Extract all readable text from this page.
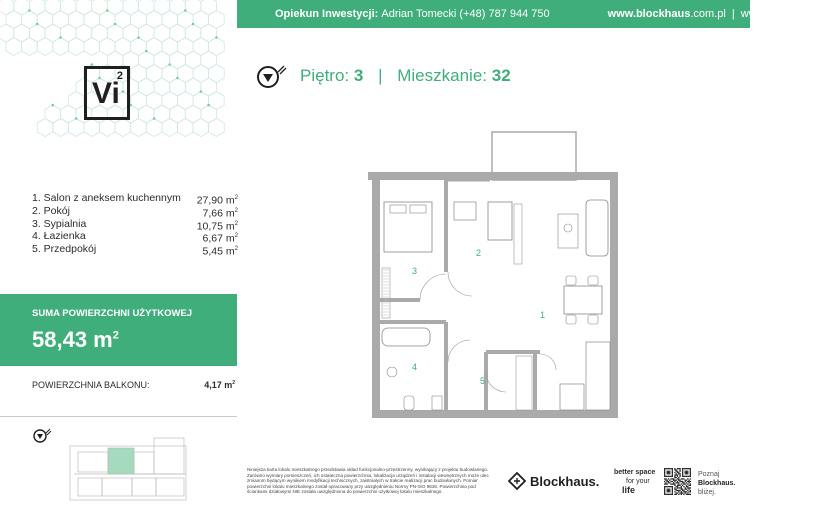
Opiekun Inwestycji:
Adrian Tomecki (+48) 787 944 750	www.blockhaus.com.pl | www.vi2.com.pl
Vi
2	Piętro: 3 | Mieszkanie: 32
1. Salon z aneksem kuchennym 27,90 $m^2$
2. Pokój	7,66 $m^2$
3. Sypialnia	10,75 $m^2$
4. Łazienka	6,67 $m^2$
5. Przedpokój	5,45 $m^2$
SUMA POWIERZCHNI UŻYTKOWEJ
58,43 $m^2$
POWIERZCHNIA BALKONU:	4,17 $m^2$
1
2
3
4
5
Niniejsza karta lokalu mieszkalnego przedstawia układ funkcjonalno-przestrzenny, wynikający z projektu budowlanego. Zarówno wymiary pomieszczeń, ich ostateczna powierzchnia, lokalizacja urządzeń i instalacji wewnętrznych może ulec zmianom będącym wynikiem modyfikacji technicznych, zaistniałych w trakcie realizacji prac budowlanych. Pomiar powierzchni lokalu mieszkalnego został opracowany przy uwzględnieniu Normy PN-ISO 9836. Powierzchnia pod ściankami działowymi NIE została uwzględniona do powierzchni użytkowej lokalu mieszkalnego.
Blockhaus.
better space
for your
life
Poznaj
Blockhaus.
bliżej.
